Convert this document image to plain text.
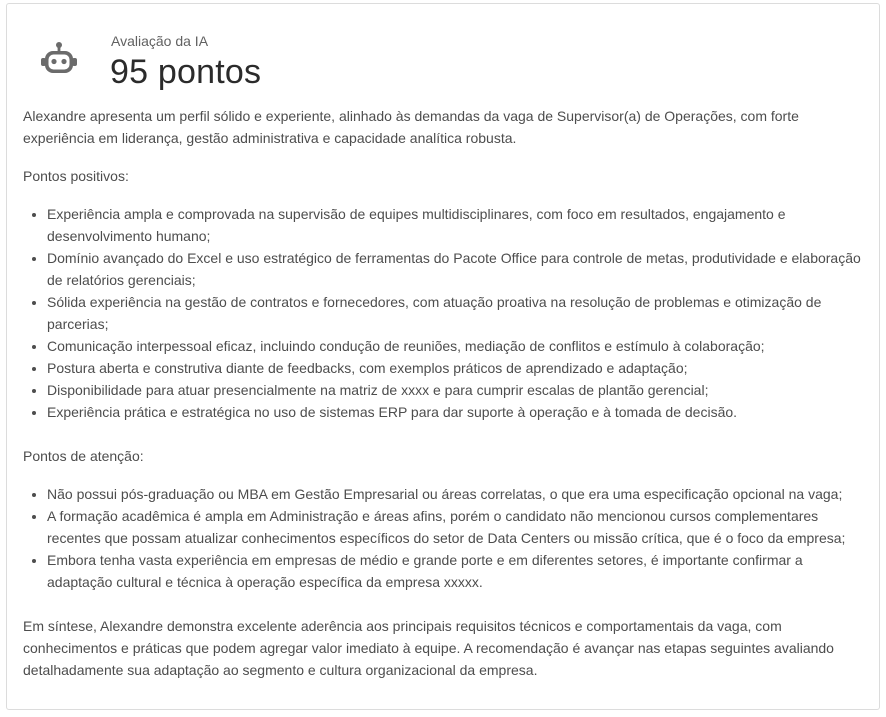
Avaliação da IA
95 pontos

Alexandre apresenta um perfil sólido e experiente, alinhado às demandas da vaga de Supervisor(a) de Operações, com forte experiência em liderança, gestão administrativa e capacidade analítica robusta.

Pontos positivos:

• Experiência ampla e comprovada na supervisão de equipes multidisciplinares, com foco em resultados, engajamento e desenvolvimento humano;
• Domínio avançado do Excel e uso estratégico de ferramentas do Pacote Office para controle de metas, produtividade e elaboração de relatórios gerenciais;
• Sólida experiência na gestão de contratos e fornecedores, com atuação proativa na resolução de problemas e otimização de parcerias;
• Comunicação interpessoal eficaz, incluindo condução de reuniões, mediação de conflitos e estímulo à colaboração;
• Postura aberta e construtiva diante de feedbacks, com exemplos práticos de aprendizado e adaptação;
• Disponibilidade para atuar presencialmente na matriz de xxxx e para cumprir escalas de plantão gerencial;
• Experiência prática e estratégica no uso de sistemas ERP para dar suporte à operação e à tomada de decisão.

Pontos de atenção:

• Não possui pós-graduação ou MBA em Gestão Empresarial ou áreas correlatas, o que era uma especificação opcional na vaga;
• A formação acadêmica é ampla em Administração e áreas afins, porém o candidato não mencionou cursos complementares recentes que possam atualizar conhecimentos específicos do setor de Data Centers ou missão crítica, que é o foco da empresa;
• Embora tenha vasta experiência em empresas de médio e grande porte e em diferentes setores, é importante confirmar a adaptação cultural e técnica à operação específica da empresa xxxxx.

Em síntese, Alexandre demonstra excelente aderência aos principais requisitos técnicos e comportamentais da vaga, com conhecimentos e práticas que podem agregar valor imediato à equipe. A recomendação é avançar nas etapas seguintes avaliando detalhadamente sua adaptação ao segmento e cultura organizacional da empresa.
